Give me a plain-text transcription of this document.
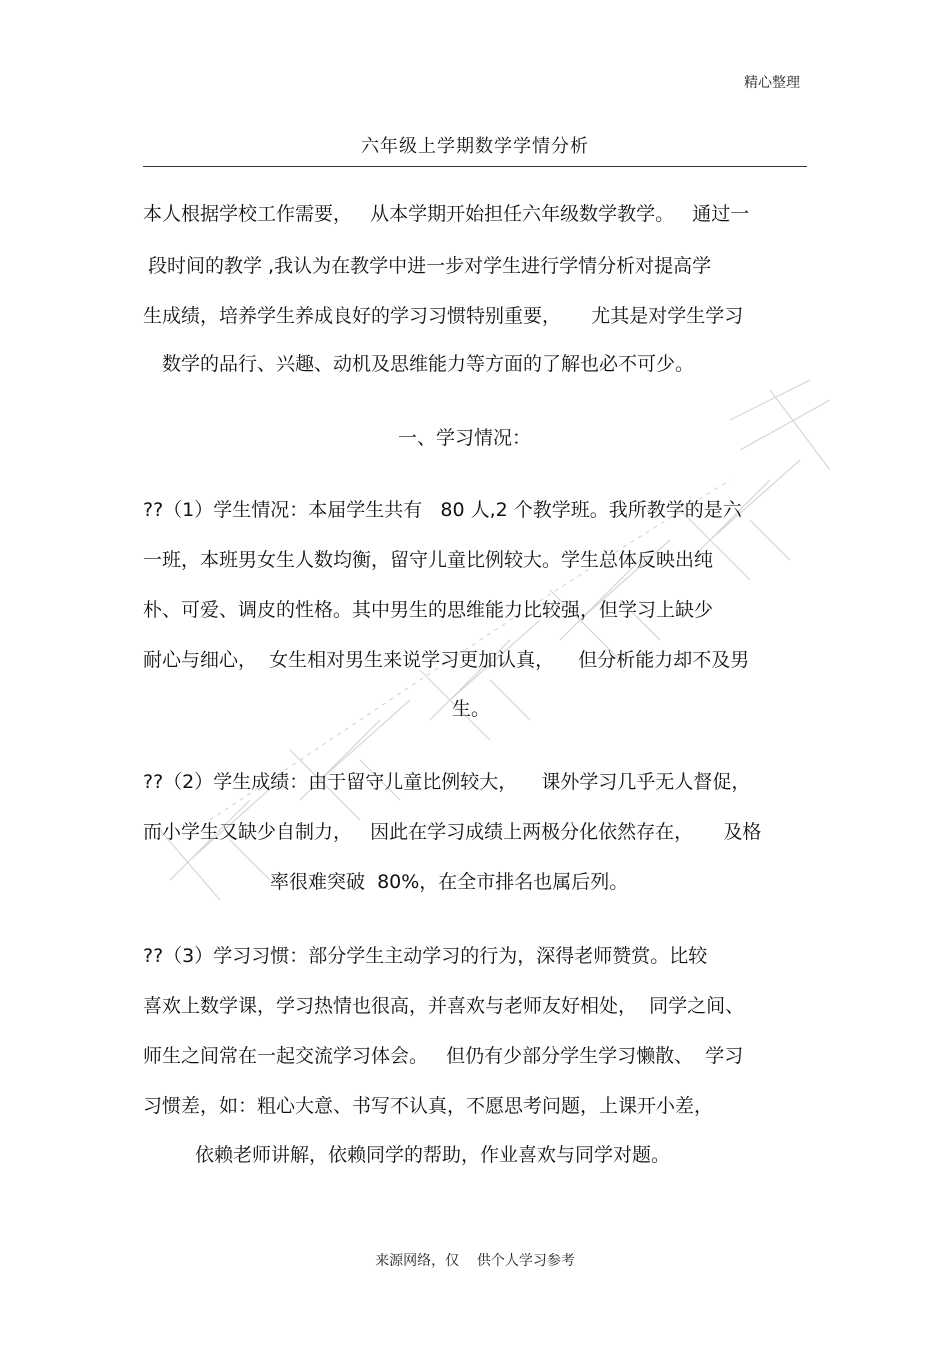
精心整理
六年级上学期数学学情分析
本人根据学校工作需要，   从本学期开始担任六年级数学教学。   通过一
段时间的教学 ,我认为在教学中进一步对学生进行学情分析对提高学
生成绩，培养学生养成良好的学习习惯特别重要，     尤其是对学生学习
数学的品行、兴趣、动机及思维能力等方面的了解也必不可少。
一、学习情况：
??（1）学生情况：本届学生共有   80 人,2 个教学班。我所教学的是六
一班，本班男女生人数均衡，留守儿童比例较大。学生总体反映出纯
朴、可爱、调皮的性格。其中男生的思维能力比较强，但学习上缺少
耐心与细心，  女生相对男生来说学习更加认真，    但分析能力却不及男
生。
??（2）学生成绩：由于留守儿童比例较大，    课外学习几乎无人督促，
而小学生又缺少自制力，   因此在学习成绩上两极分化依然存在，     及格
率很难突破  80%，在全市排名也属后列。
??（3）学习习惯：部分学生主动学习的行为，深得老师赞赏。比较
喜欢上数学课，学习热情也很高，并喜欢与老师友好相处，  同学之间、
师生之间常在一起交流学习体会。   但仍有少部分学生学习懒散、  学习
习惯差，如：粗心大意、书写不认真，不愿思考问题，上课开小差，
依赖老师讲解，依赖同学的帮助，作业喜欢与同学对题。
来源网络，仅    供个人学习参考
